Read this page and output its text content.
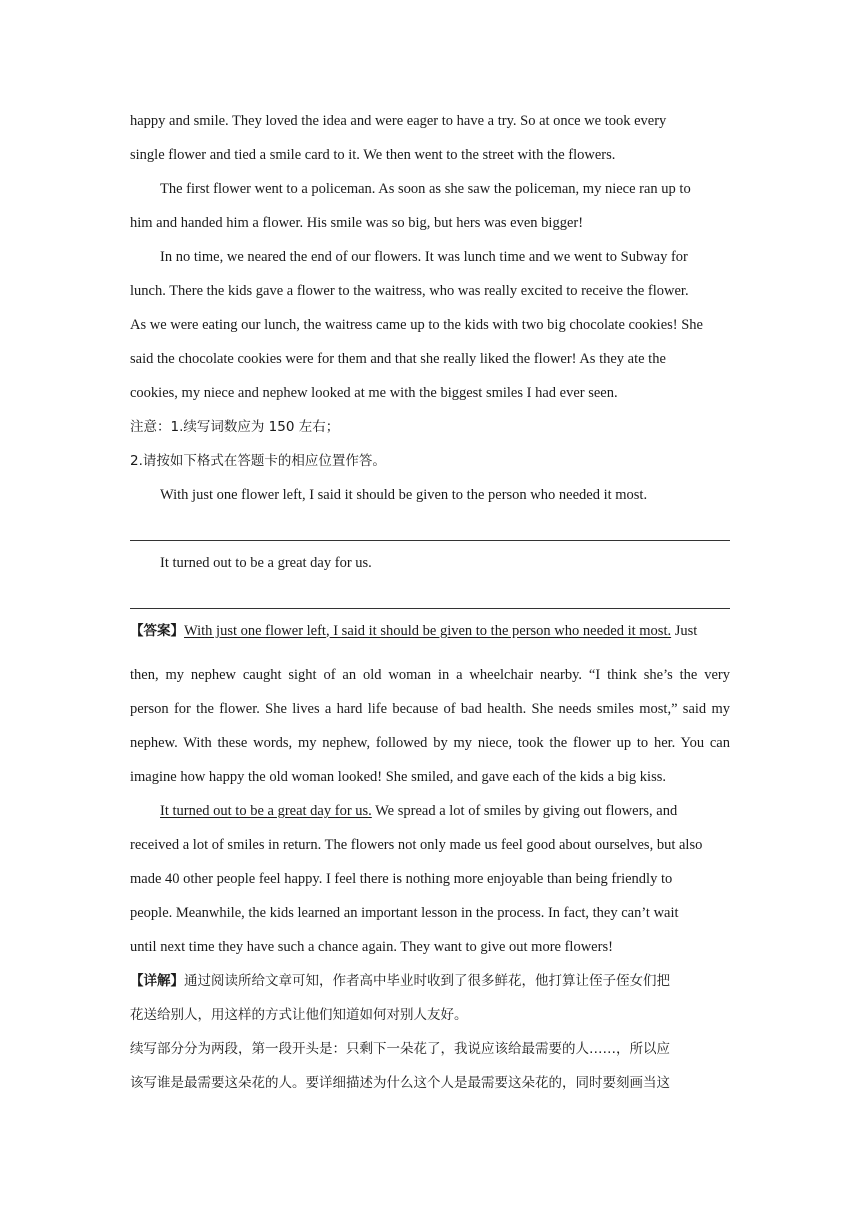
happy and smile. They loved the idea and were eager to have a try. So at once we took every
single flower and tied a smile card to it. We then went to the street with the flowers.
The first flower went to a policeman. As soon as she saw the policeman, my niece ran up to
him and handed him a flower. His smile was so big, but hers was even bigger!
In no time, we neared the end of our flowers. It was lunch time and we went to Subway for
lunch. There the kids gave a flower to the waitress, who was really excited to receive the flower.
As we were eating our lunch, the waitress came up to the kids with two big chocolate cookies! She
said the chocolate cookies were for them and that she really liked the flower! As they ate the
cookies, my niece and nephew looked at me with the biggest smiles I had ever seen.
注意：1.续写词数应为 150 左右；
2.请按如下格式在答题卡的相应位置作答。
With just one flower left, I said it should be given to the person who needed it most.
It turned out to be a great day for us.
【答案】With just one flower left, I said it should be given to the person who needed it most. Just
then, my nephew caught sight of an old woman in a wheelchair nearby. “I think she’s the very
person for the flower. She lives a hard life because of bad health. She needs smiles most,” said my
nephew. With these words, my nephew, followed by my niece, took the flower up to her. You can
imagine how happy the old woman looked! She smiled, and gave each of the kids a big kiss.
It turned out to be a great day for us. We spread a lot of smiles by giving out flowers, and
received a lot of smiles in return. The flowers not only made us feel good about ourselves, but also
made 40 other people feel happy. I feel there is nothing more enjoyable than being friendly to
people. Meanwhile, the kids learned an important lesson in the process. In fact, they can’t wait
until next time they have such a chance again. They want to give out more flowers!
【详解】通过阅读所给文章可知，作者高中毕业时收到了很多鲜花，他打算让侄子侄女们把
花送给别人，用这样的方式让他们知道如何对别人友好。
续写部分分为两段，第一段开头是：只剩下一朵花了，我说应该给最需要的人……，所以应
该写谁是最需要这朵花的人。要详细描述为什么这个人是最需要这朵花的，同时要刻画当这
